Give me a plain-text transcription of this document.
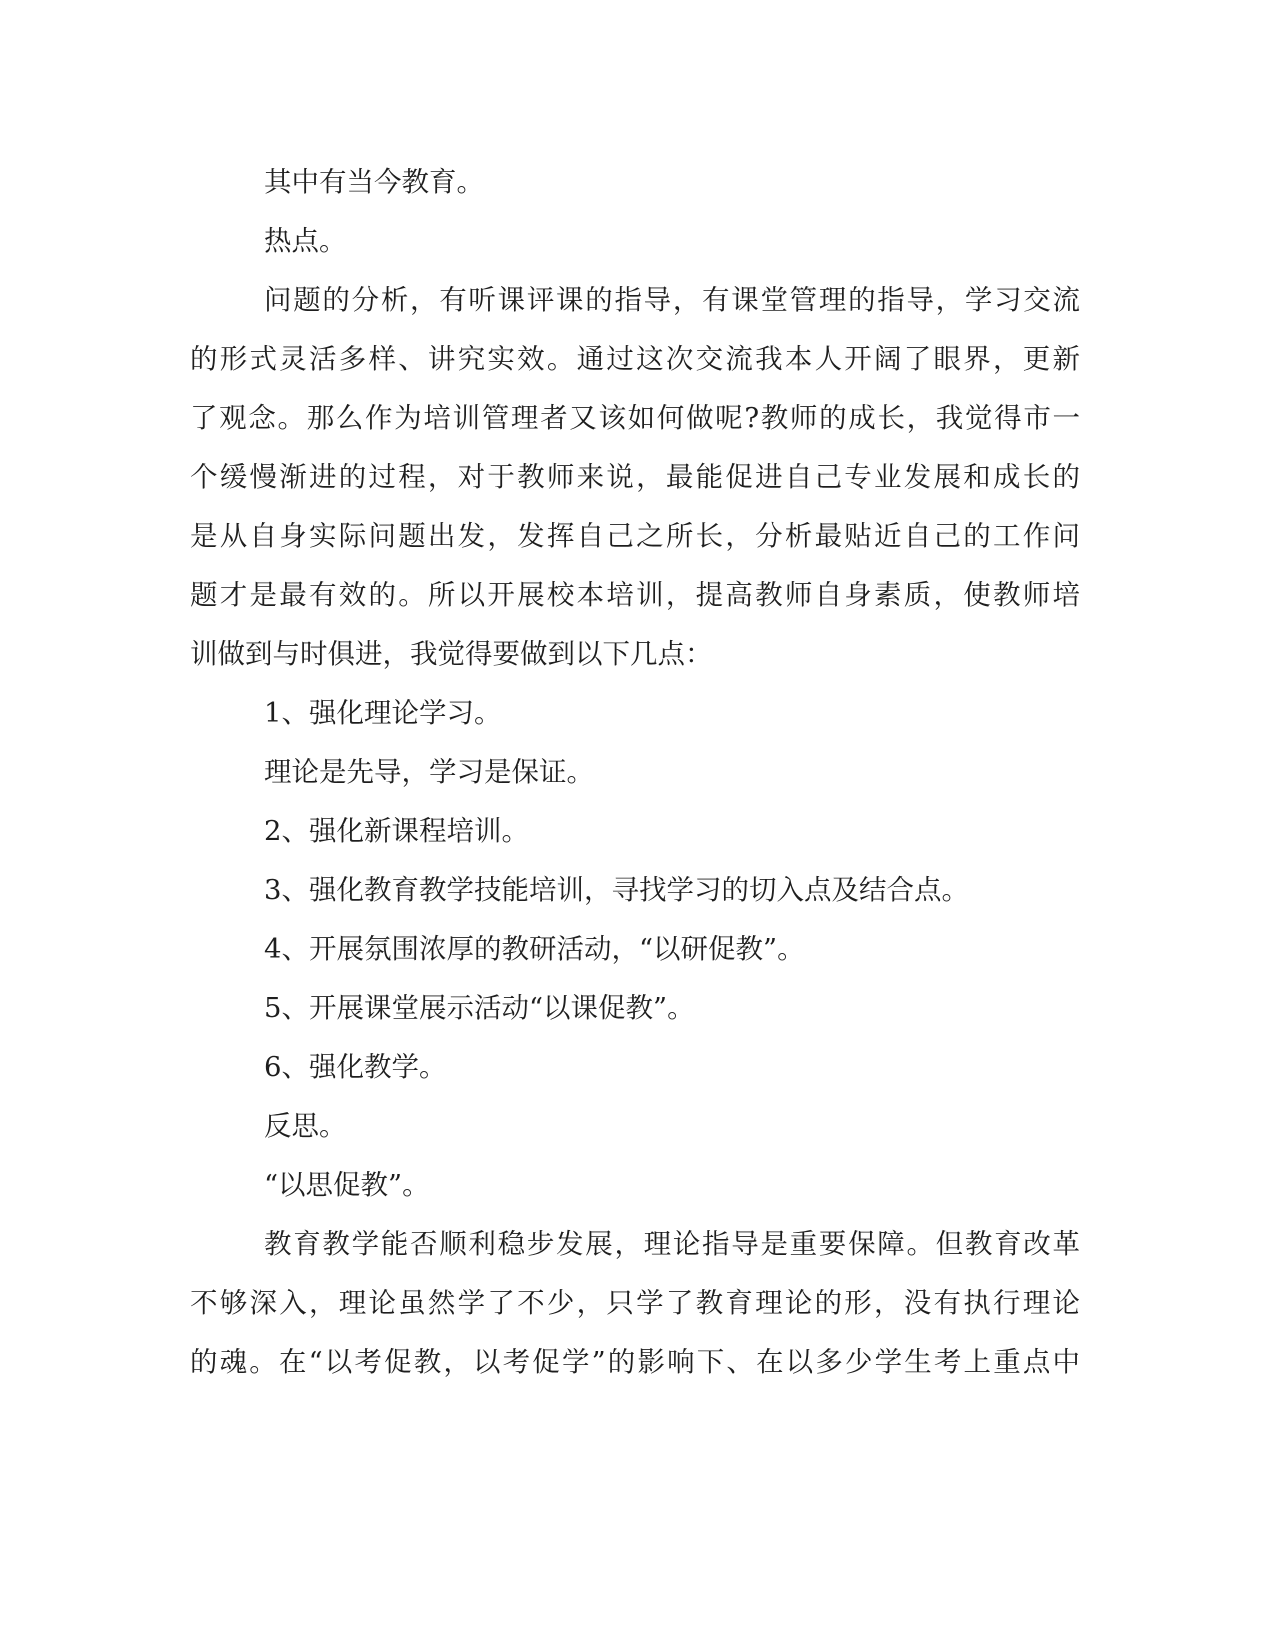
其中有当今教育。
热点。
问题的分析，有听课评课的指导，有课堂管理的指导，学习交流
的形式灵活多样、讲究实效。通过这次交流我本人开阔了眼界，更新
了观念。那么作为培训管理者又该如何做呢?教师的成长，我觉得市一
个缓慢渐进的过程，对于教师来说，最能促进自己专业发展和成长的
是从自身实际问题出发，发挥自己之所长，分析最贴近自己的工作问
题才是最有效的。所以开展校本培训，提高教师自身素质，使教师培
训做到与时俱进，我觉得要做到以下几点：
1、强化理论学习。
理论是先导，学习是保证。
2、强化新课程培训。
3、强化教育教学技能培训，寻找学习的切入点及结合点。
4、开展氛围浓厚的教研活动，“以研促教”。
5、开展课堂展示活动“以课促教”。
6、强化教学。
反思。
“以思促教”。
教育教学能否顺利稳步发展，理论指导是重要保障。但教育改革
不够深入，理论虽然学了不少，只学了教育理论的形，没有执行理论
的魂。在“以考促教，以考促学”的影响下、在以多少学生考上重点中
